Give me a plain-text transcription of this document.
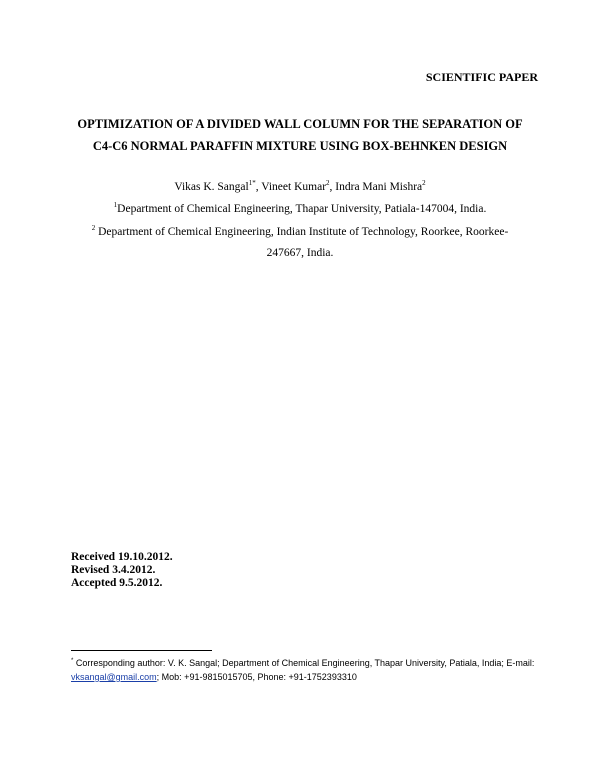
SCIENTIFIC PAPER
OPTIMIZATION OF A DIVIDED WALL COLUMN FOR THE SEPARATION OF
C4-C6 NORMAL PARAFFIN MIXTURE USING BOX-BEHNKEN DESIGN
Vikas K. Sangal$^{1*}$, Vineet Kumar$^2$, Indra Mani Mishra$^2$
$^1$Department of Chemical Engineering, Thapar University, Patiala-147004, India.
$^2$ Department of Chemical Engineering, Indian Institute of Technology, Roorkee, Roorkee-247667, India.
Received 19.10.2012.
Revised 3.4.2012.
Accepted 9.5.2012.
* Corresponding author: V. K. Sangal; Department of Chemical Engineering, Thapar University, Patiala, India; E-mail: vksangal@gmail.com; Mob: +91-9815015705, Phone: +91-1752393310
